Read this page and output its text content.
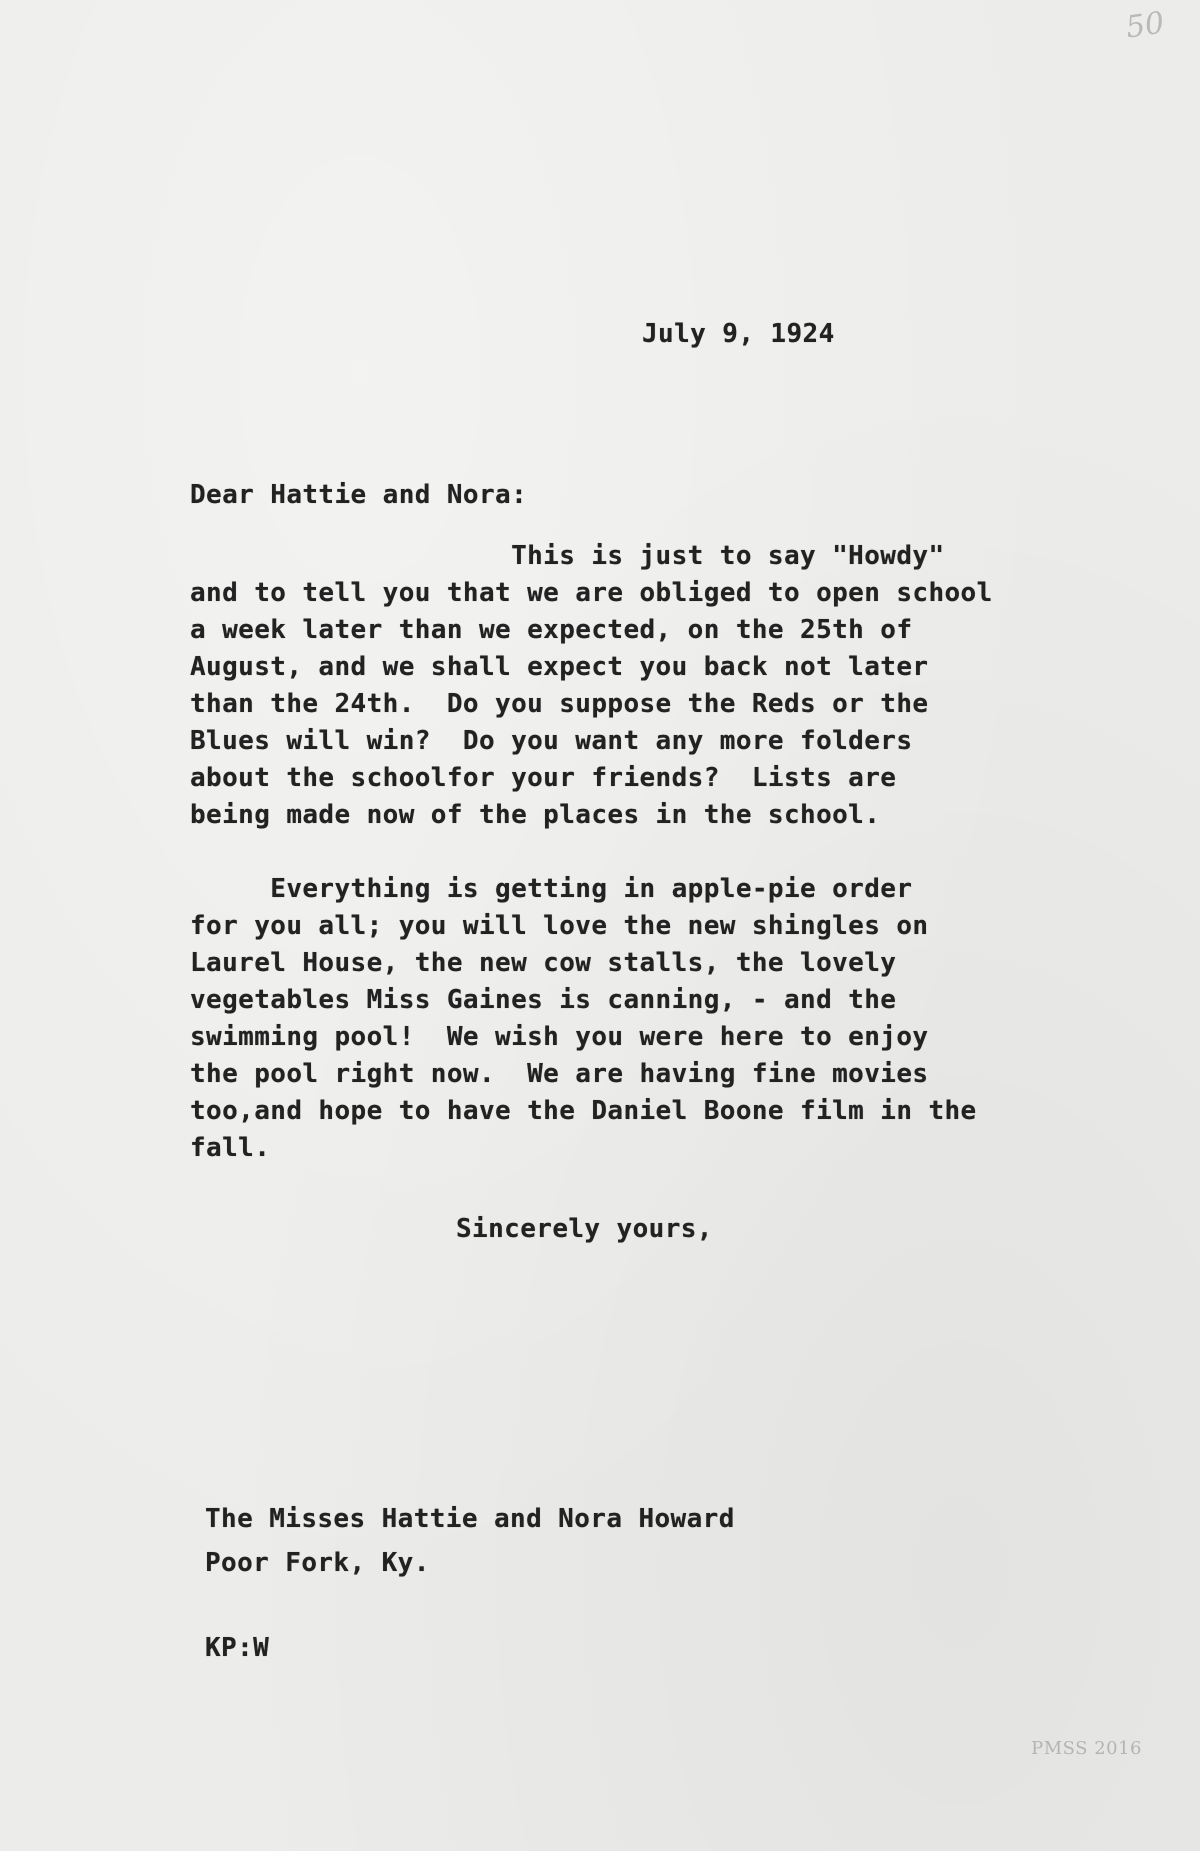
50
July 9, 1924
Dear Hattie and Nora:
This is just to say "Howdy"
and to tell you that we are obliged to open school
a week later than we expected, on the 25th of
August, and we shall expect you back not later
than the 24th.  Do you suppose the Reds or the
Blues will win?  Do you want any more folders
about the schoolfor your friends?  Lists are
being made now of the places in the school.
Everything is getting in apple-pie order
for you all; you will love the new shingles on
Laurel House, the new cow stalls, the lovely
vegetables Miss Gaines is canning, - and the
swimming pool!  We wish you were here to enjoy
the pool right now.  We are having fine movies
too,and hope to have the Daniel Boone film in the
fall.
Sincerely yours,
The Misses Hattie and Nora Howard
Poor Fork, Ky.
KP:W
PMSS 2016
